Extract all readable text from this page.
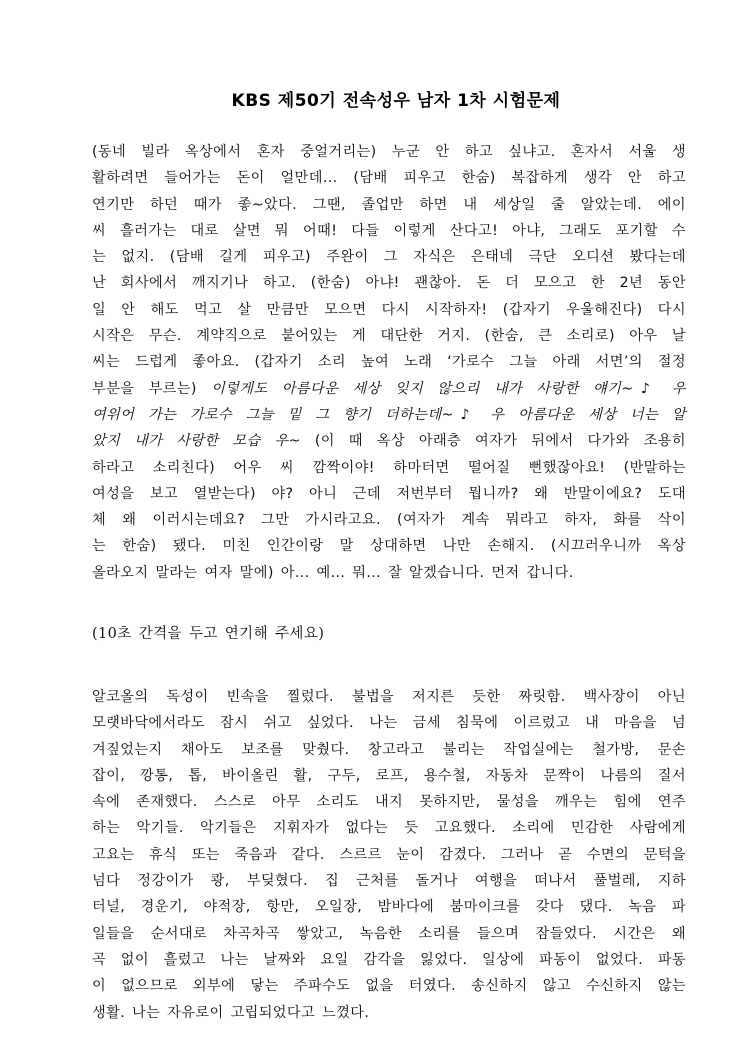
KBS 제50기 전속성우 남자 1차 시험문제
(동네 빌라 옥상에서 혼자 중얼거리는) 누군 안 하고 싶냐고. 혼자서 서울 생
활하려면 들어가는 돈이 얼만데... (담배 피우고 한숨) 복잡하게 생각 안 하고
연기만 하던 때가 좋~았다. 그땐, 졸업만 하면 내 세상일 줄 알았는데. 에이
씨 흘러가는 대로 살면 뭐 어때! 다들 이렇게 산다고! 아냐, 그래도 포기할 수
는 없지. (담배 길게 피우고) 주완이 그 자식은 은태네 극단 오디션 봤다는데
난 회사에서 깨지기나 하고. (한숨) 아냐! 괜찮아. 돈 더 모으고 한 2년 동안
일 안 해도 먹고 살 만큼만 모으면 다시 시작하자! (갑자기 우울해진다) 다시
시작은 무슨. 계약직으로 붙어있는 게 대단한 거지. (한숨, 큰 소리로) 아우 날
씨는 드럽게 좋아요. (갑자기 소리 높여 노래 ‘가로수 그늘 아래 서면’의 절정
부분을 부르는) 이렇게도 아름다운 세상 잊지 않으리 내가 사랑한 얘기~♪ 우
여위어 가는 가로수 그늘 밑 그 향기 더하는데~♪ 우 아름다운 세상 너는 알
았지 내가 사랑한 모습 우~ (이 때 옥상 아래층 여자가 뒤에서 다가와 조용히
하라고 소리친다) 어우 씨 깜짝이야! 하마터면 떨어질 뻔했잖아요! (반말하는
여성을 보고 열받는다) 야? 아니 근데 저번부터 뭡니까? 왜 반말이에요? 도대
체 왜 이러시는데요? 그만 가시라고요. (여자가 계속 뭐라고 하자, 화를 삭이
는 한숨) 됐다. 미친 인간이랑 말 상대하면 나만 손해지. (시끄러우니까 옥상
올라오지 말라는 여자 말에) 아... 예... 뭐... 잘 알겠습니다. 먼저 갑니다.
(10초 간격을 두고 연기해 주세요)
알코올의 독성이 빈속을 찔렀다. 불법을 저지른 듯한 짜릿함. 백사장이 아닌
모랫바닥에서라도 잠시 쉬고 싶었다. 나는 금세 침묵에 이르렀고 내 마음을 넘
겨짚었는지 채아도 보조를 맞췄다. 창고라고 불리는 작업실에는 철가방, 문손
잡이, 깡통, 톱, 바이올린 활, 구두, 로프, 용수철, 자동차 문짝이 나름의 질서
속에 존재했다. 스스로 아무 소리도 내지 못하지만, 물성을 깨우는 힘에 연주
하는 악기들. 악기들은 지휘자가 없다는 듯 고요했다. 소리에 민감한 사람에게
고요는 휴식 또는 죽음과 같다. 스르르 눈이 감겼다. 그러나 곧 수면의 문턱을
넘다 정강이가 쾅, 부딪혔다. 집 근처를 돌거나 여행을 떠나서 풀벌레, 지하
터널, 경운기, 야적장, 항만, 오일장, 밤바다에 붐마이크를 갖다 댔다. 녹음 파
일들을 순서대로 차곡차곡 쌓았고, 녹음한 소리를 들으며 잠들었다. 시간은 왜
곡 없이 흘렀고 나는 날짜와 요일 감각을 잃었다. 일상에 파동이 없었다. 파동
이 없으므로 외부에 닿는 주파수도 없을 터였다. 송신하지 않고 수신하지 않는
생활. 나는 자유로이 고립되었다고 느꼈다.
